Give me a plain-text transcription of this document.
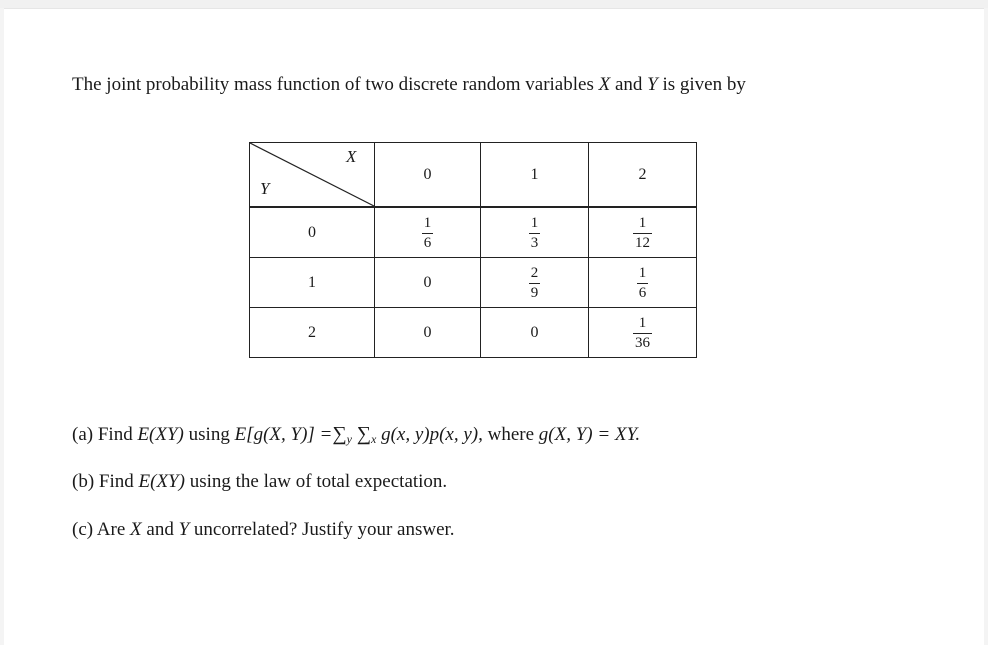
The joint probability mass function of two discrete random variables X and Y is given by
X
Y	0	1	2

0	$\frac{1}{6}$	$\frac{1}{3}$	$\frac{1}{12}$

1	0	$\frac{2}{9}$	$\frac{1}{6}$

2	0	0	$\frac{1}{36}$
(a) Find E(XY) using E[g(X, $Y)] =\sum_y$ $\sum_x$ g(x, y)p(x, y), where g(X, Y) = XY.
(b) Find E(XY) using the law of total expectation.
(c) Are X and Y uncorrelated? Justify your answer.
